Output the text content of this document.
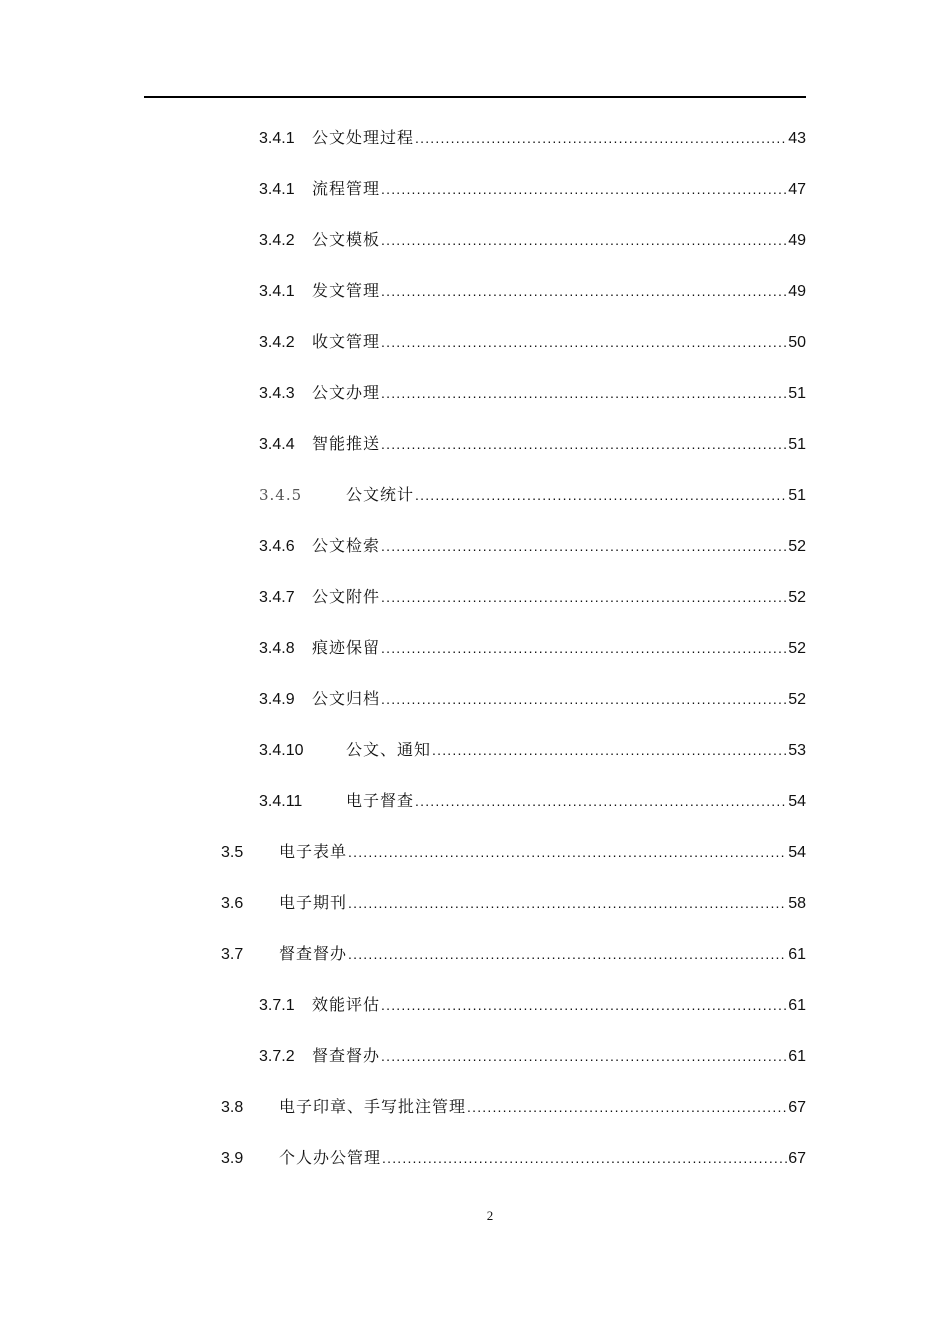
3.4.1	公文处理过程 .....	43
3.4.1	流程管理 .....	47
3.4.2	公文模板 .....	49
3.4.1	发文管理 .....	49
3.4.2	收文管理 .....	50
3.4.3	公文办理 .....	51
3.4.4	智能推送 .....	51
3.4.5	公文统计 .....	51
3.4.6	公文检索 .....	52
3.4.7	公文附件 .....	52
3.4.8	痕迹保留 .....	52
3.4.9	公文归档 .....	52
3.4.10	公文、通知 .....	53
3.4.11	电子督查 .....	54
3.5	电子表单 .....	54
3.6	电子期刊 .....	58
3.7	督查督办 .....	61
3.7.1	效能评估 .....	61
3.7.2	督查督办 .....	61
3.8	电子印章、手写批注管理 .....	67
3.9	个人办公管理 .....	67
2
